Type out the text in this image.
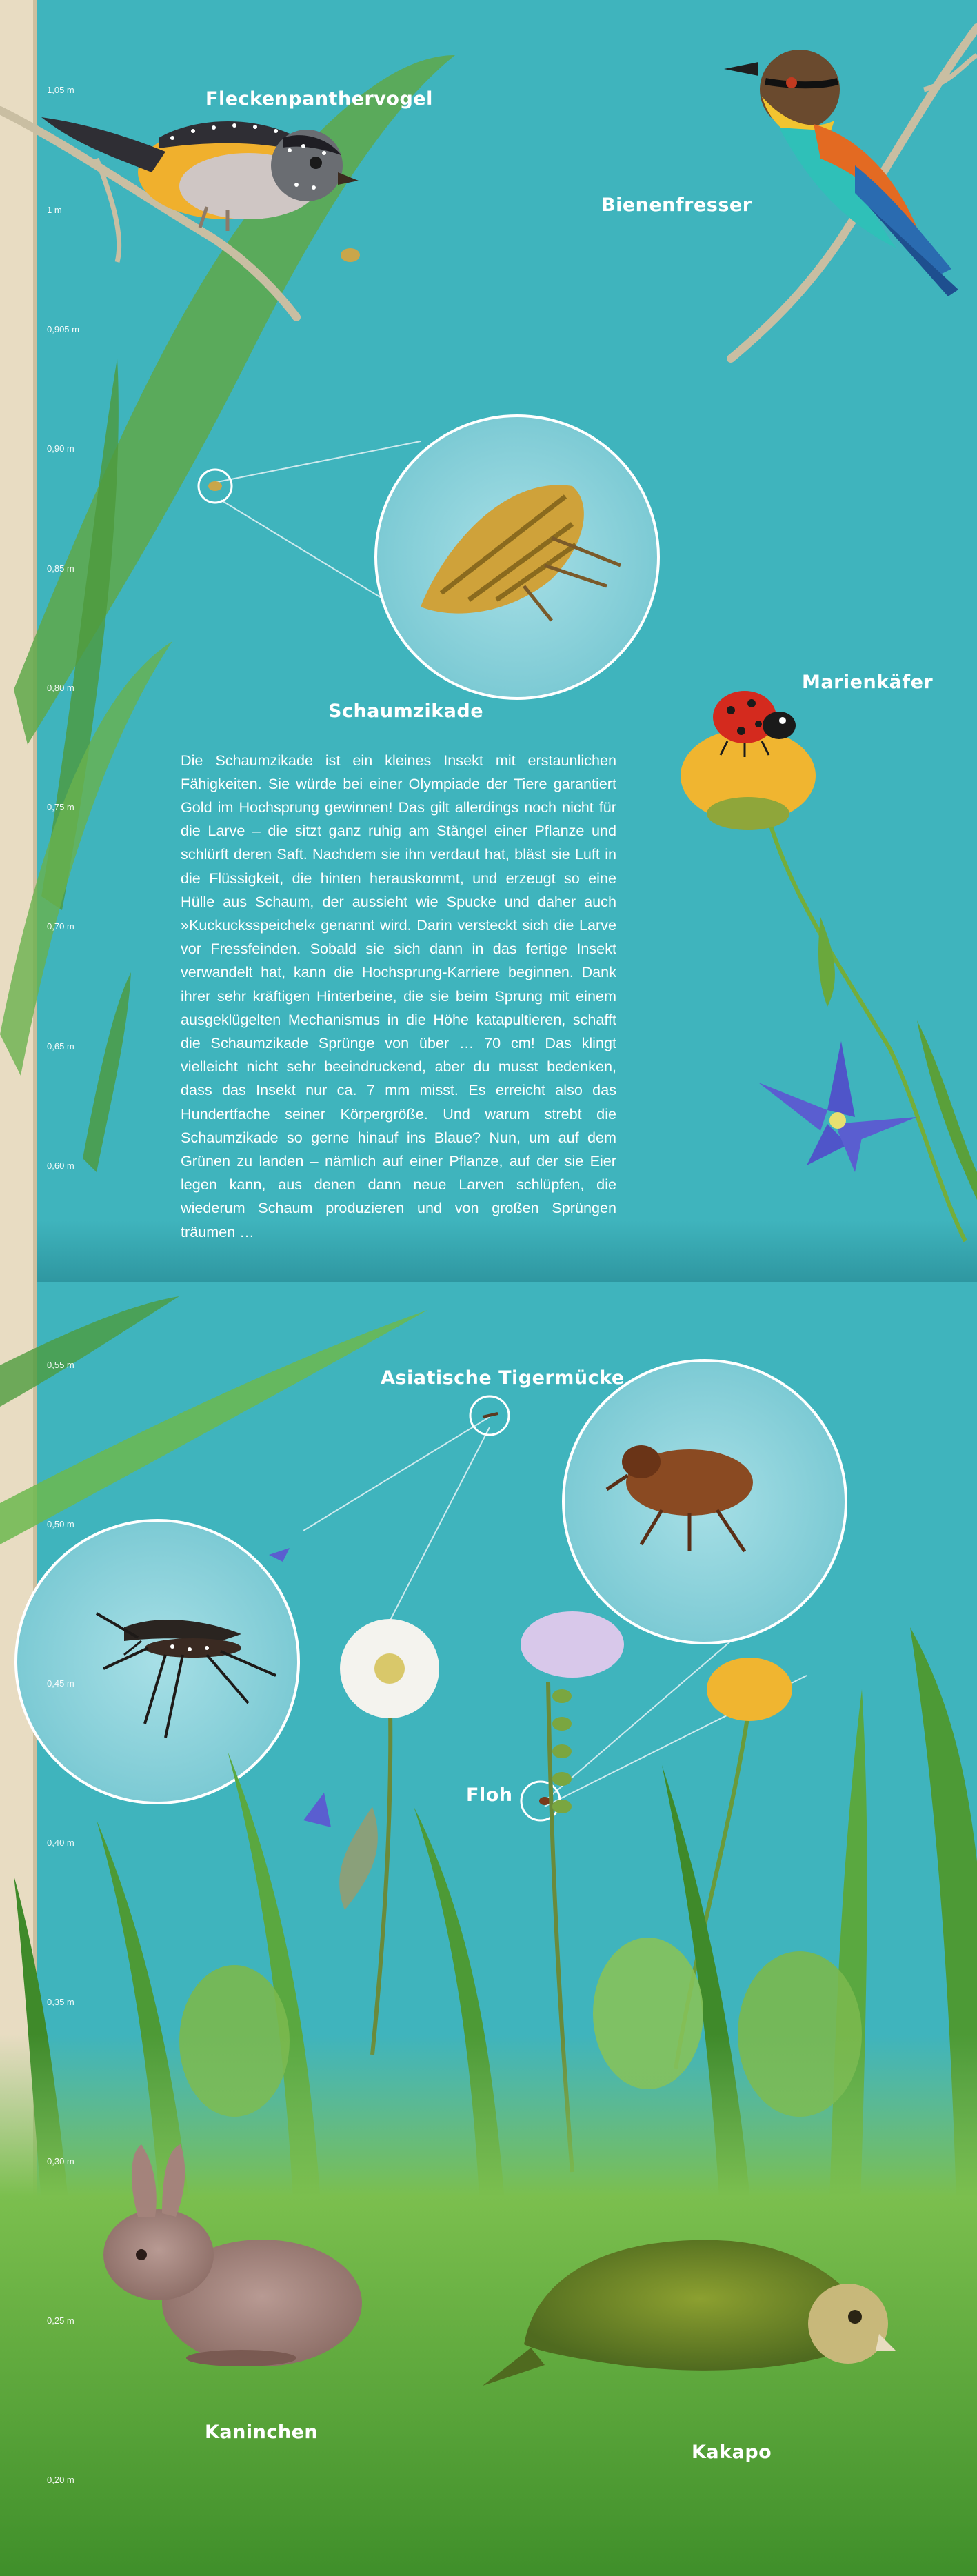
1,05 m
1 m
0,905 m
0,90 m
0,85 m
0,80 m
0,75 m
0,70 m
0,65 m
0,60 m
0,55 m
0,50 m
0,45 m
0,40 m
0,35 m
0,30 m
0,25 m
0,20 m
Fleckenpanthervogel
Bienenfresser
Schaumzikade
Marienkäfer
Asiatische Tigermücke
Floh
Kaninchen
Kakapo

Die Schaumzikade ist ein kleines Insekt mit erstaunlichen Fähigkeiten. Sie würde bei einer Olympiade der Tiere garantiert Gold im Hochsprung gewinnen! Das gilt allerdings noch nicht für die Larve – die sitzt ganz ruhig am Stängel einer Pflanze und schlürft deren Saft. Nachdem sie ihn verdaut hat, bläst sie Luft in die Flüssigkeit, die hinten herauskommt, und erzeugt so eine Hülle aus Schaum, der aussieht wie Spucke und daher auch »Kuckucksspeichel« genannt wird. Darin versteckt sich die Larve vor Fressfeinden. Sobald sie sich dann in das fertige Insekt verwandelt hat, kann die Hochsprung-Karriere beginnen. Dank ihrer sehr kräftigen Hinterbeine, die sie beim Sprung mit einem ausgeklügelten Mechanismus in die Höhe katapultieren, schafft die Schaumzikade Sprünge von über … 70 cm! Das klingt vielleicht nicht sehr beeindruckend, aber du musst bedenken, dass das Insekt nur ca. 7 mm misst. Es erreicht also das Hundertfache seiner Körpergröße. Und warum strebt die Schaumzikade so gerne hinauf ins Blaue? Nun, um auf dem Grünen zu landen – nämlich auf einer Pflanze, auf der sie Eier legen kann, aus denen dann neue Larven schlüpfen, die wiederum Schaum produzieren und von großen Sprüngen träumen …
